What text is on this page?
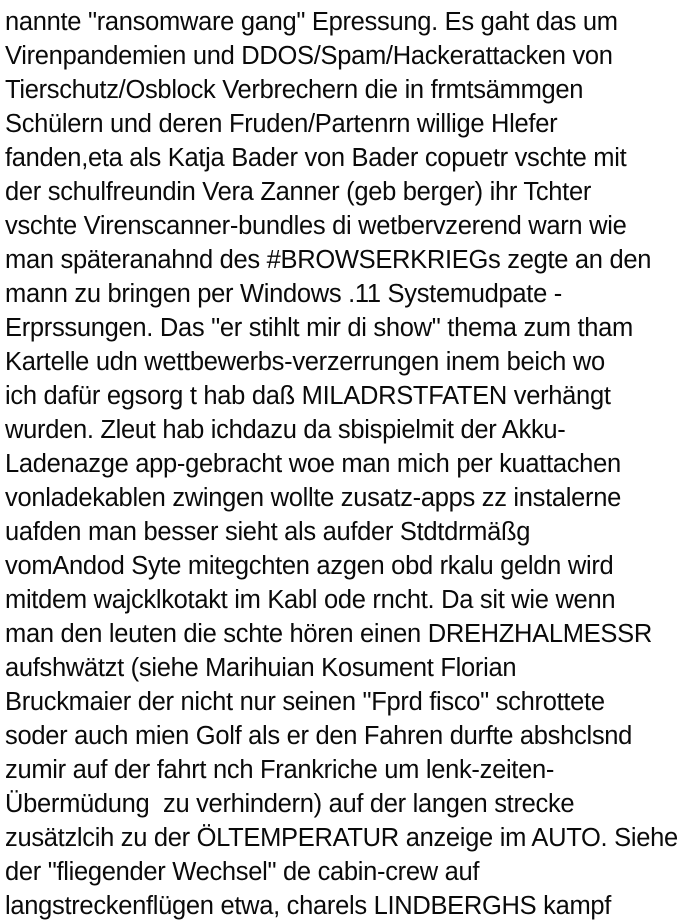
nannte "ransomware gang" Epressung. Es gaht das um
Virenpandemien und DDOS/Spam/Hackerattacken von
Tierschutz/Osblock Verbrechern die in frmtsämmgen
Schülern und deren Fruden/Partenrn willige Hlefer
fanden,eta als Katja Bader von Bader copuetr vschte mit
der schulfreundin Vera Zanner (geb berger) ihr Tchter
vschte Virenscanner-bundles di wetbervzerend warn wie
man späteranahnd des #BROWSERKRIEGs zegte an den
mann zu bringen per Windows .11 Systemudpate -
Erprssungen. Das "er stihlt mir di show" thema zum tham
Kartelle udn wettbewerbs-verzerrungen inem beich wo
ich dafür egsorg t hab daß MILADRSTFATEN verhängt
wurden. Zleut hab ichdazu da sbispielmit der Akku-
Ladenazge app-gebracht woe man mich per kuattachen
vonladekablen zwingen wollte zusatz-apps zz instalerne
uafden man besser sieht als aufder Stdtdrmäßg
vomAndod Syte mitegchten azgen obd rkalu geldn wird
mitdem wajcklkotakt im Kabl ode rncht. Da sit wie wenn
man den leuten die schte hören einen DREHZHALMESSR
aufshwätzt (siehe Marihuian Kosument Florian
Bruckmaier der nicht nur seinen "Fprd fisco" schrottete
soder auch mien Golf als er den Fahren durfte abshclsnd
zumir auf der fahrt nch Frankriche um lenk-zeiten-
Übermüdung  zu verhindern) auf der langen strecke
zusätzlcih zu der ÖLTEMPERATUR anzeige im AUTO. Siehe
der "fliegender Wechsel" de cabin-crew auf
langstreckenflügen etwa, charels LINDBERGHS kampf
